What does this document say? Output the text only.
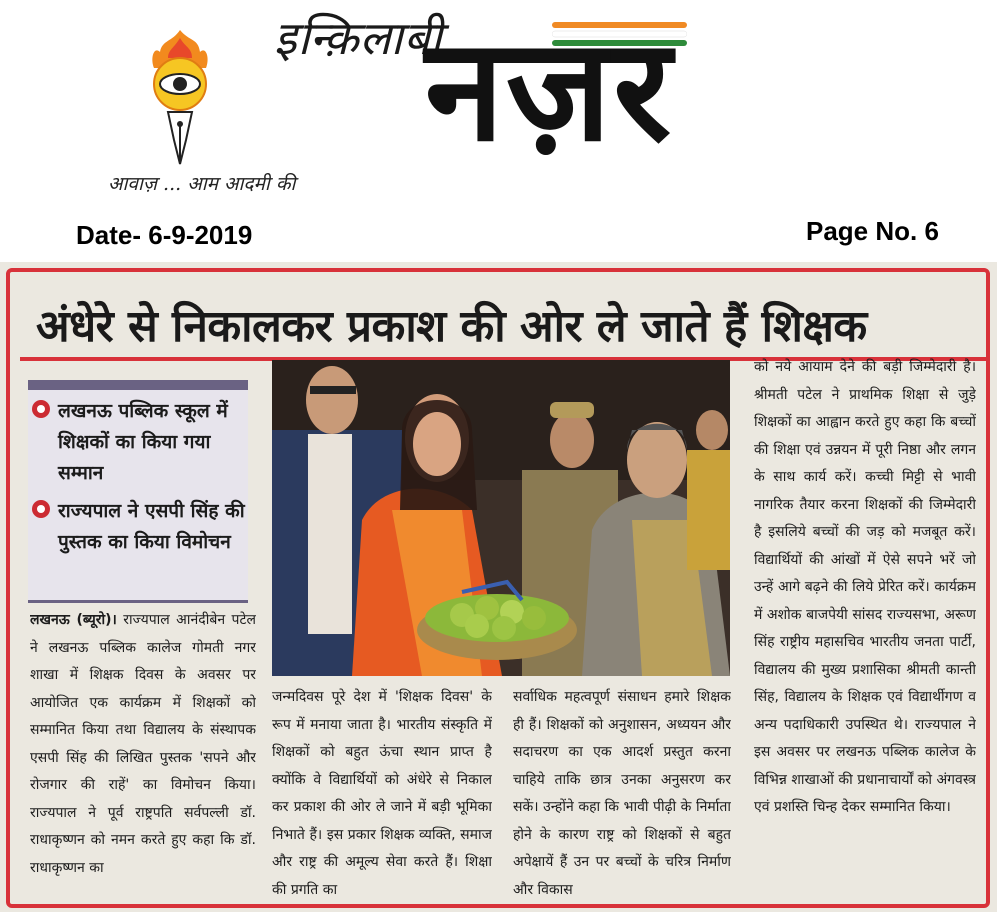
आवाज़ ... आम आदमी की
इन्क़िलाबी
नज़र
Date- 6-9-2019	Page No. 6
अंधेरे से निकालकर प्रकाश की ओर ले जाते हैं शिक्षक
लखनऊ पब्लिक स्कूल में शिक्षकों का किया गया सम्मान
राज्यपाल ने एसपी सिंह की पुस्तक का किया विमोचन
लखनऊ (ब्यूरो)। राज्यपाल आनंदीबेन पटेल ने लखनऊ पब्लिक कालेज गोमती नगर शाखा में शिक्षक दिवस के अवसर पर आयोजित एक कार्यक्रम में शिक्षकों को सम्मानित किया तथा विद्यालय के संस्थापक एसपी सिंह की लिखित पुस्तक 'सपने और रोजगार की राहें' का विमोचन किया। राज्यपाल ने पूर्व राष्ट्रपति सर्वपल्ली डॉ. राधाकृष्णन को नमन करते हुए कहा कि डॉ. राधाकृष्णन का
जन्मदिवस पूरे देश में 'शिक्षक दिवस' के रूप में मनाया जाता है। भारतीय संस्कृति में शिक्षकों को बहुत ऊंचा स्थान प्राप्त है क्योंकि वे विद्यार्थियों को अंधेरे से निकाल कर प्रकाश की ओर ले जाने में बड़ी भूमिका निभाते हैं। इस प्रकार शिक्षक व्यक्ति, समाज और राष्ट्र की अमूल्य सेवा करते हैं। शिक्षा की प्रगति का
सर्वाधिक महत्वपूर्ण संसाधन हमारे शिक्षक ही हैं। शिक्षकों को अनुशासन, अध्ययन और सदाचरण का एक आदर्श प्रस्तुत करना चाहिये ताकि छात्र उनका अनुसरण कर सकें। उन्होंने कहा कि भावी पीढ़ी के निर्माता होने के कारण राष्ट्र को शिक्षकों से बहुत अपेक्षायें हैं उन पर बच्चों के चरित्र निर्माण और विकास
को नये आयाम देने की बड़ी जिम्मेदारी है। श्रीमती पटेल ने प्राथमिक शिक्षा से जुड़े शिक्षकों का आह्वान करते हुए कहा कि बच्चों की शिक्षा एवं उन्नयन में पूरी निष्ठा और लगन के साथ कार्य करें। कच्ची मिट्टी से भावी नागरिक तैयार करना शिक्षकों की जिम्मेदारी है इसलिये बच्चों की जड़ को मजबूत करें। विद्यार्थियों की आंखों में ऐसे सपने भरें जो उन्हें आगे बढ़ने की लिये प्रेरित करें। कार्यक्रम में अशोक बाजपेयी सांसद राज्यसभा, अरूण सिंह राष्ट्रीय महासचिव भारतीय जनता पार्टी, विद्यालय की मुख्य प्रशासिका श्रीमती कान्ती सिंह, विद्यालय के शिक्षक एवं विद्यार्थीगण व अन्य पदाधिकारी उपस्थित थे। राज्यपाल ने इस अवसर पर लखनऊ पब्लिक कालेज के विभिन्न शाखाओं की प्रधानाचार्यों को अंगवस्त्र एवं प्रशस्ति चिन्ह देकर सम्मानित किया।
